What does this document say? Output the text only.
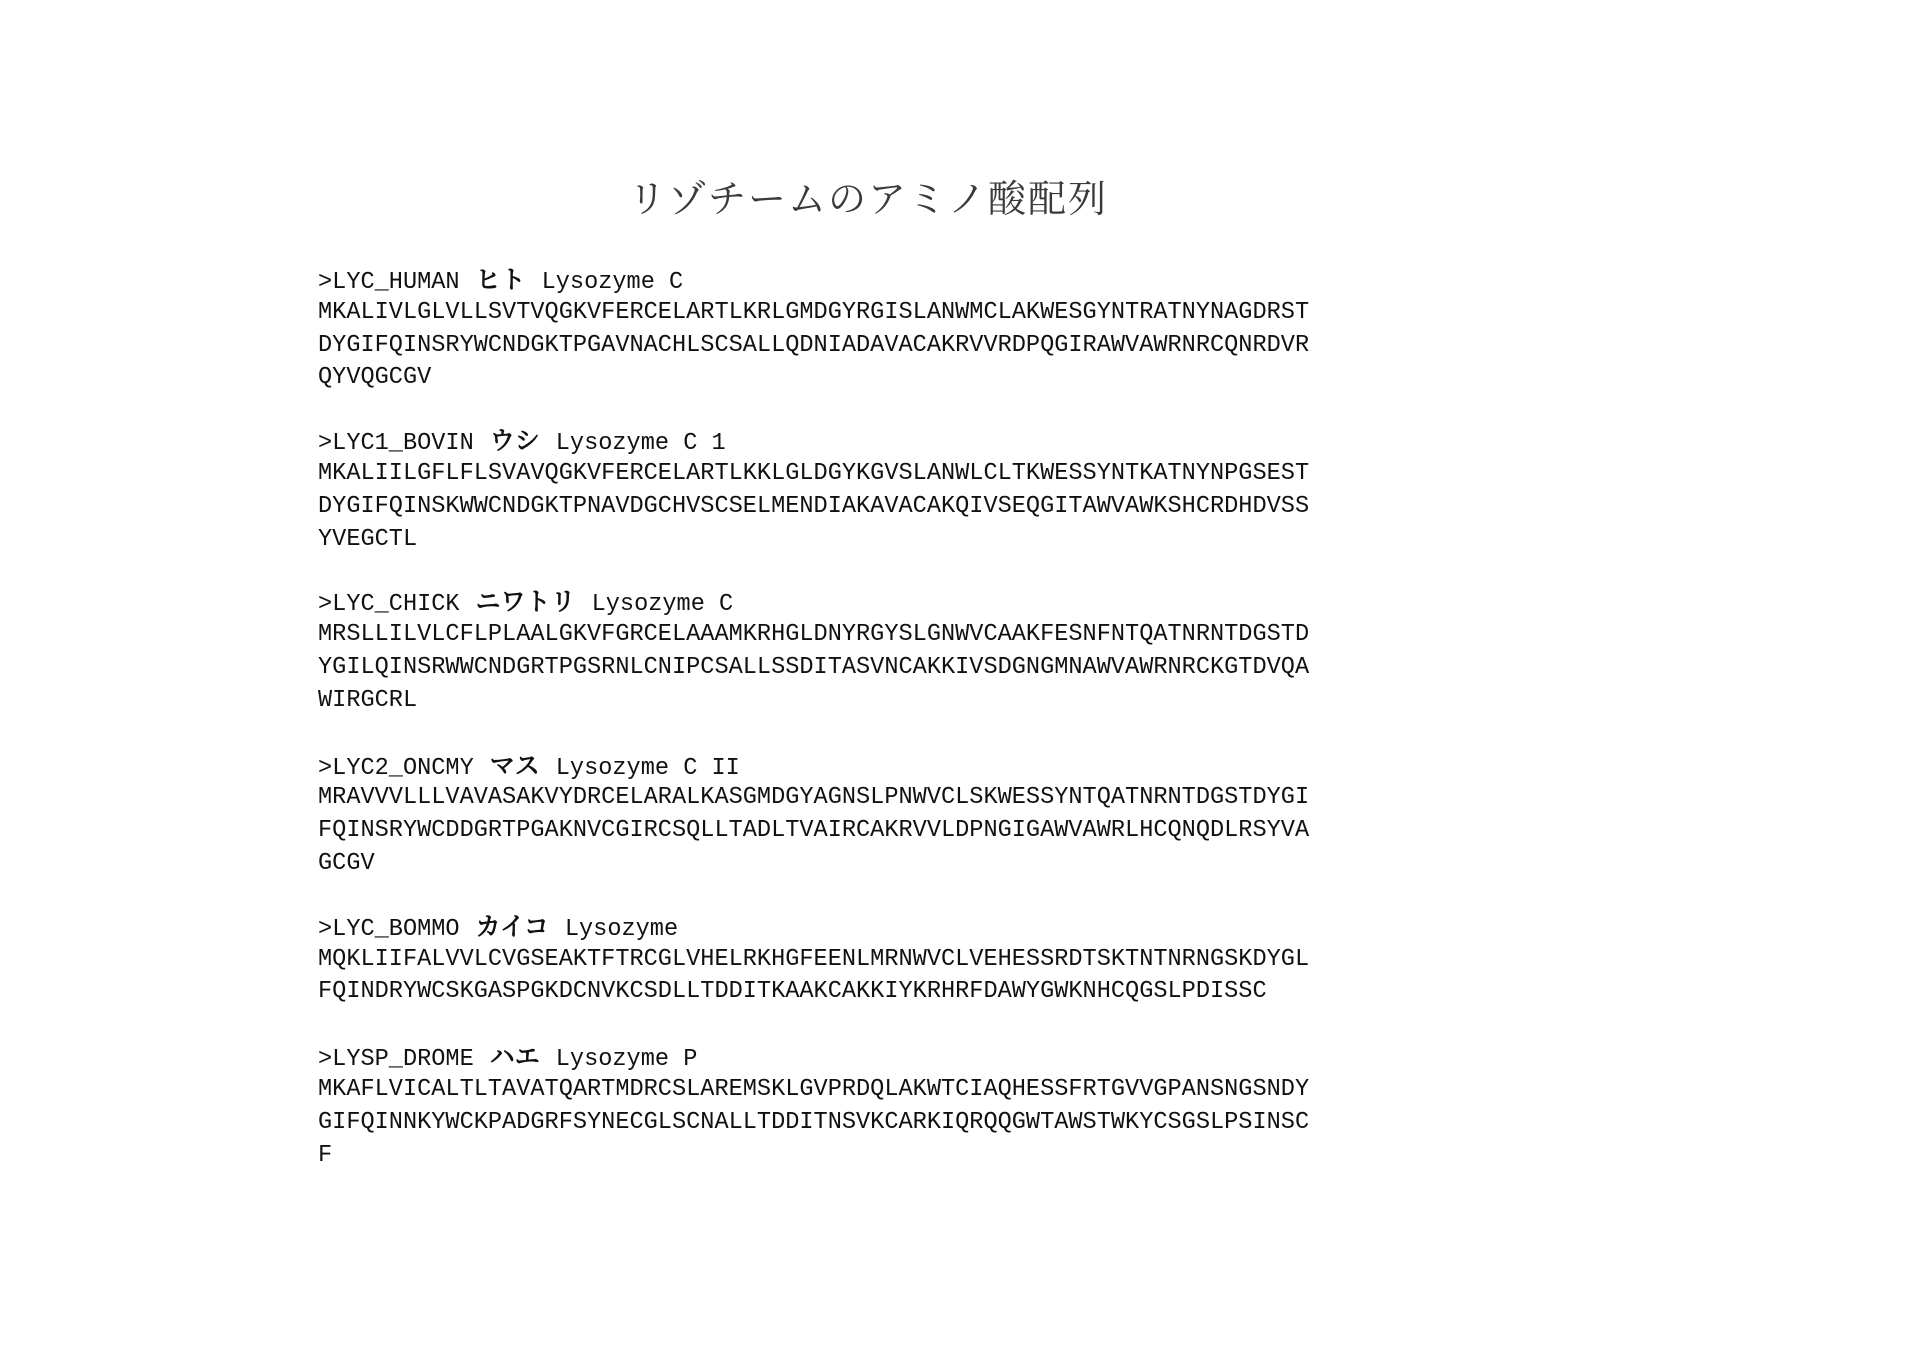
リゾチームのアミノ酸配列
>LYC_HUMAN ヒト Lysozyme C
MKALIVLGLVLLSVTVQGKVFERCELARTLKRLGMDGYRGISLANWMCLAKWESGYNTRATNYNAGDRST
DYGIFQINSRYWCNDGKTPGAVNACHLSCSALLQDNIADAVACAKRVVRDPQGIRAWVAWRNRCQNRDVR
QYVQGCGV
>LYC1_BOVIN ウシ Lysozyme C 1
MKALIILGFLFLSVAVQGKVFERCELARTLKKLGLDGYKGVSLANWLCLTKWESSYNTKATNYNPGSEST
DYGIFQINSKWWCNDGKTPNAVDGCHVSCSELMENDIAKAVACAKQIVSEQGITAWVAWKSHCRDHDVSS
YVEGCTL
>LYC_CHICK ニワトリ Lysozyme C
MRSLLILVLCFLPLAALGKVFGRCELAAAMKRHGLDNYRGYSLGNWVCAAKFESNFNTQATNRNTDGSTD
YGILQINSRWWCNDGRTPGSRNLCNIPCSALLSSDITASVNCAKKIVSDGNGMNAWVAWRNRCKGTDVQA
WIRGCRL
>LYC2_ONCMY マス Lysozyme C II
MRAVVVLLLVAVASAKVYDRCELARALKASGMDGYAGNSLPNWVCLSKWESSYNTQATNRNTDGSTDYGI
FQINSRYWCDDGRTPGAKNVCGIRCSQLLTADLTVAIRCAKRVVLDPNGIGAWVAWRLHCQNQDLRSYVA
GCGV
>LYC_BOMMO カイコ Lysozyme
MQKLIIFALVVLCVGSEAKTFTRCGLVHELRKHGFEENLMRNWVCLVEHESSRDTSKTNTNRNGSKDYGL
FQINDRYWCSKGASPGKDCNVKCSDLLTDDITKAAKCAKKIYKRHRFDAWYGWKNHCQGSLPDISSC
>LYSP_DROME ハエ Lysozyme P
MKAFLVICALTLTAVATQARTMDRCSLAREMSKLGVPRDQLAKWTCIAQHESSFRTGVVGPANSNGSNDY
GIFQINNKYWCKPADGRFSYNECGLSCNALLTDDITNSVKCARKIQRQQGWTAWSTWKYCSGSLPSINSC
F
